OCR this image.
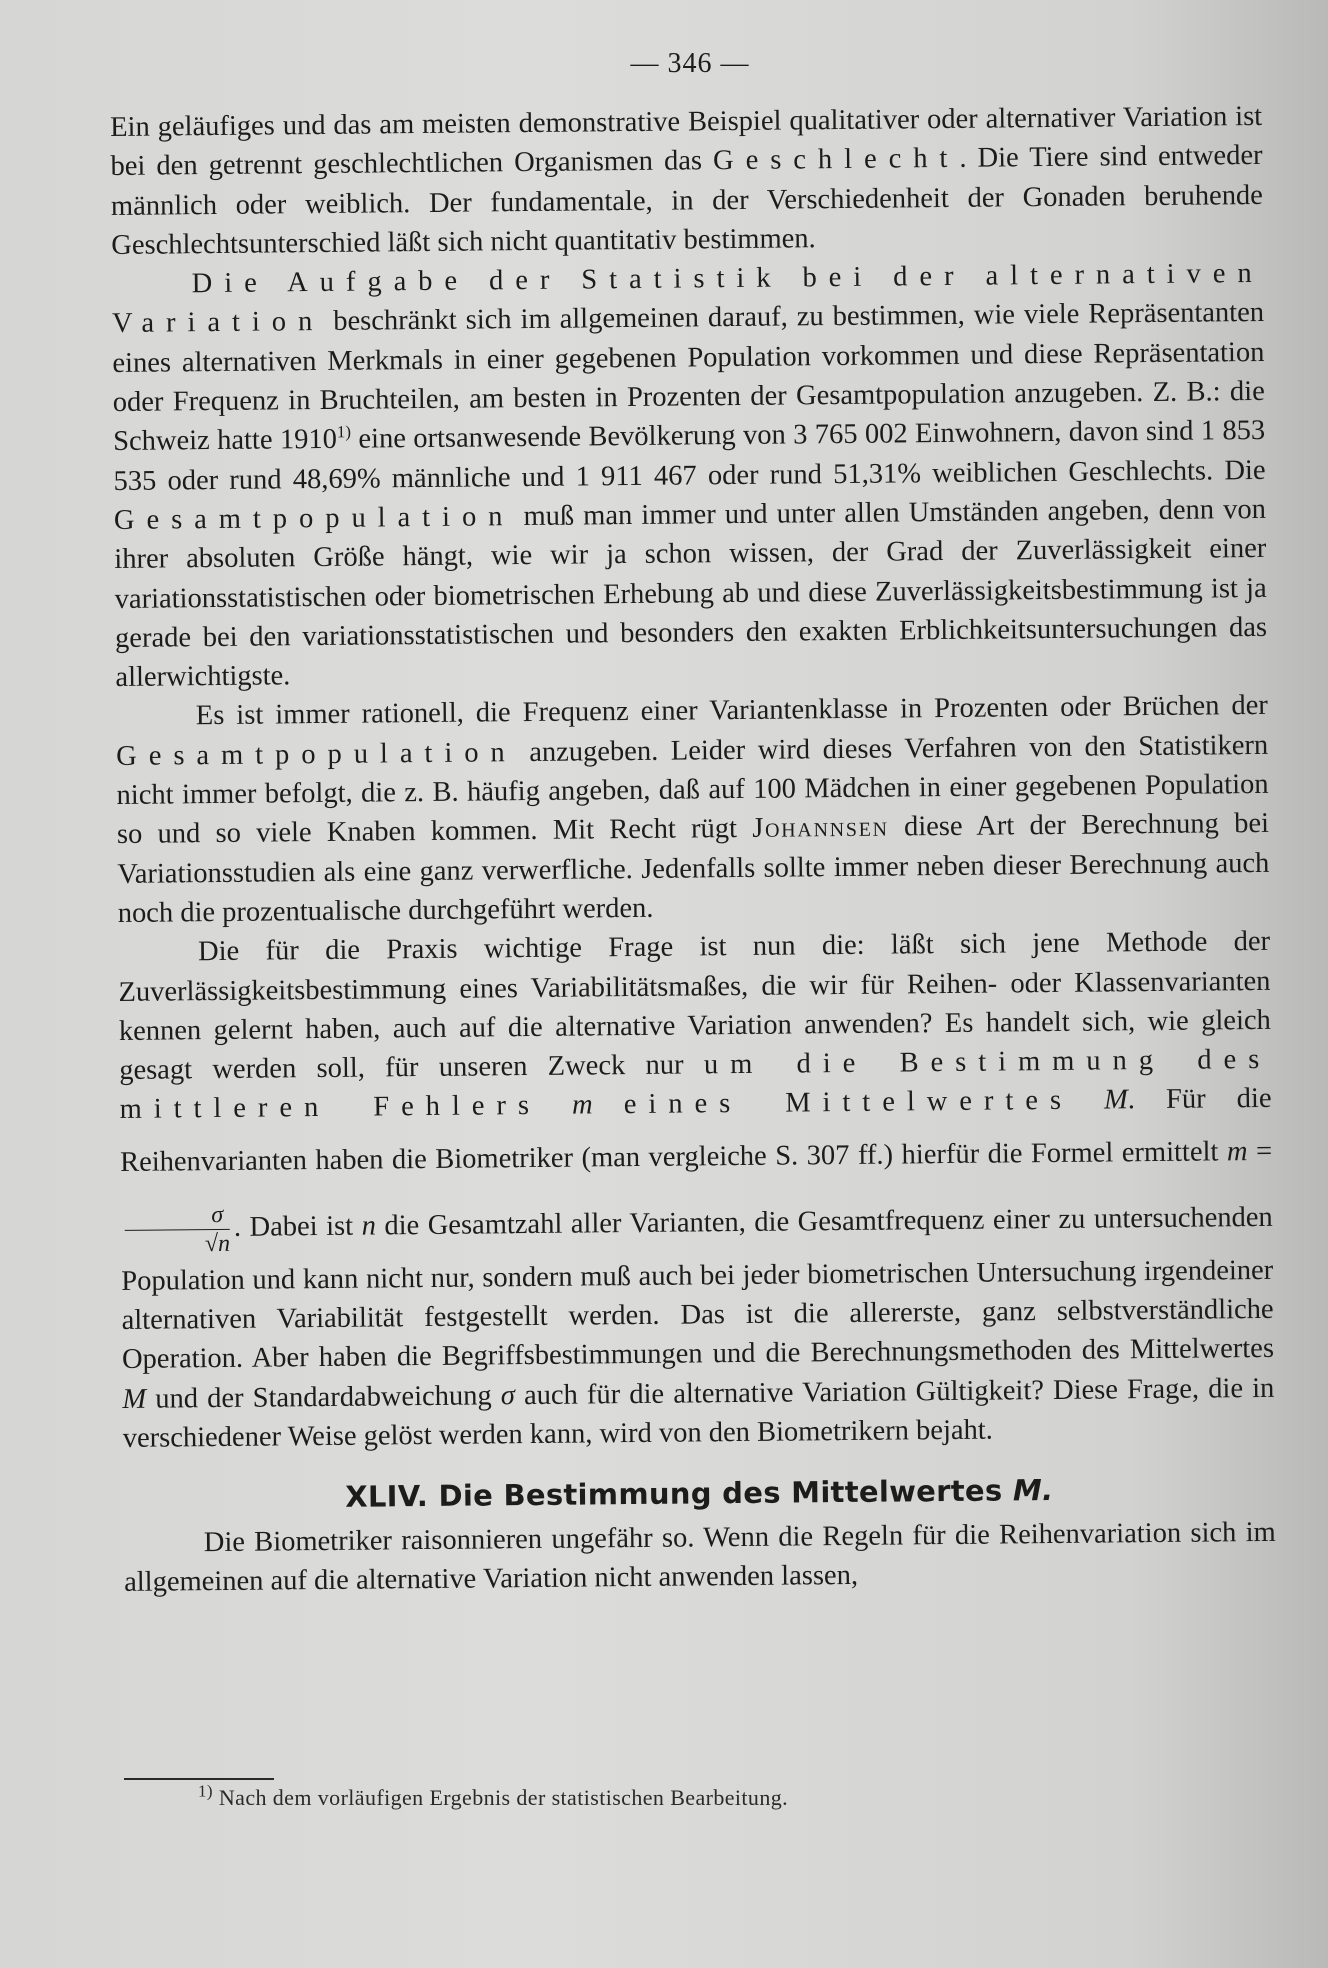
— 346 —

Ein geläufiges und das am meisten demonstrative Beispiel qualitativer oder alternativer Variation ist bei den getrennt geschlechtlichen Organismen das Geschlecht. Die Tiere sind entweder männlich oder weiblich. Der fundamentale, in der Verschiedenheit der Gonaden beruhende Geschlechtsunterschied läßt sich nicht quantitativ bestimmen.

Die Aufgabe der Statistik bei der alternativen Variation beschränkt sich im allgemeinen darauf, zu bestimmen, wie viele Repräsentanten eines alternativen Merkmals in einer gegebenen Population vorkommen und diese Repräsentation oder Frequenz in Bruchteilen, am besten in Prozenten der Gesamtpopulation anzugeben. Z. B.: die Schweiz hatte 1910$^{1)}$ eine ortsanwesende Bevölkerung von 3 765 002 Einwohnern, davon sind 1 853 535 oder rund 48,69% männliche und 1 911 467 oder rund 51,31% weiblichen Geschlechts. Die Gesamtpopulation muß man immer und unter allen Umständen angeben, denn von ihrer absoluten Größe hängt, wie wir ja schon wissen, der Grad der Zuverlässigkeit einer variationsstatistischen oder biometrischen Erhebung ab und diese Zuverlässigkeitsbestimmung ist ja gerade bei den variationsstatistischen und besonders den exakten Erblichkeitsuntersuchungen das allerwichtigste.

Es ist immer rationell, die Frequenz einer Variantenklasse in Prozenten oder Brüchen der Gesamtpopulation anzugeben. Leider wird dieses Verfahren von den Statistikern nicht immer befolgt, die z. B. häufig angeben, daß auf 100 Mädchen in einer gegebenen Population so und so viele Knaben kommen. Mit Recht rügt Johannsen diese Art der Berechnung bei Variationsstudien als eine ganz verwerfliche. Jedenfalls sollte immer neben dieser Berechnung auch noch die prozentualische durchgeführt werden.

Die für die Praxis wichtige Frage ist nun die: läßt sich jene Methode der Zuverlässigkeitsbestimmung eines Variabilitätsmaßes, die wir für Reihen- oder Klassenvarianten kennen gelernt haben, auch auf die alternative Variation anwenden? Es handelt sich, wie gleich gesagt werden soll, für unseren Zweck nur um die Bestimmung des mittleren Fehlers m eines Mittelwertes M. Für die Reihenvarianten haben die Biometriker (man vergleiche S. 307 ff.) hierfür die Formel ermittelt m =
$\frac{\sigma}{√n}$ . Dabei ist n die Gesamtzahl aller Varianten, die Gesamtfrequenz einer zu untersuchenden Population und kann nicht nur, sondern muß auch bei jeder biometrischen Untersuchung irgendeiner alternativen Variabilität festgestellt werden. Das ist die allererste, ganz selbstverständliche Operation. Aber haben die Begriffsbestimmungen und die Berechnungsmethoden des Mittelwertes M und der Standardabweichung σ auch für die alternative Variation Gültigkeit? Diese Frage, die in verschiedener Weise gelöst werden kann, wird von den Biometrikern bejaht.

XLIV. Die Bestimmung des Mittelwertes M.

Die Biometriker raisonnieren ungefähr so. Wenn die Regeln für die Reihenvariation sich im allgemeinen auf die alternative Variation nicht anwenden lassen,

$^{1)}$ Nach dem vorläufigen Ergebnis der statistischen Bearbeitung.
